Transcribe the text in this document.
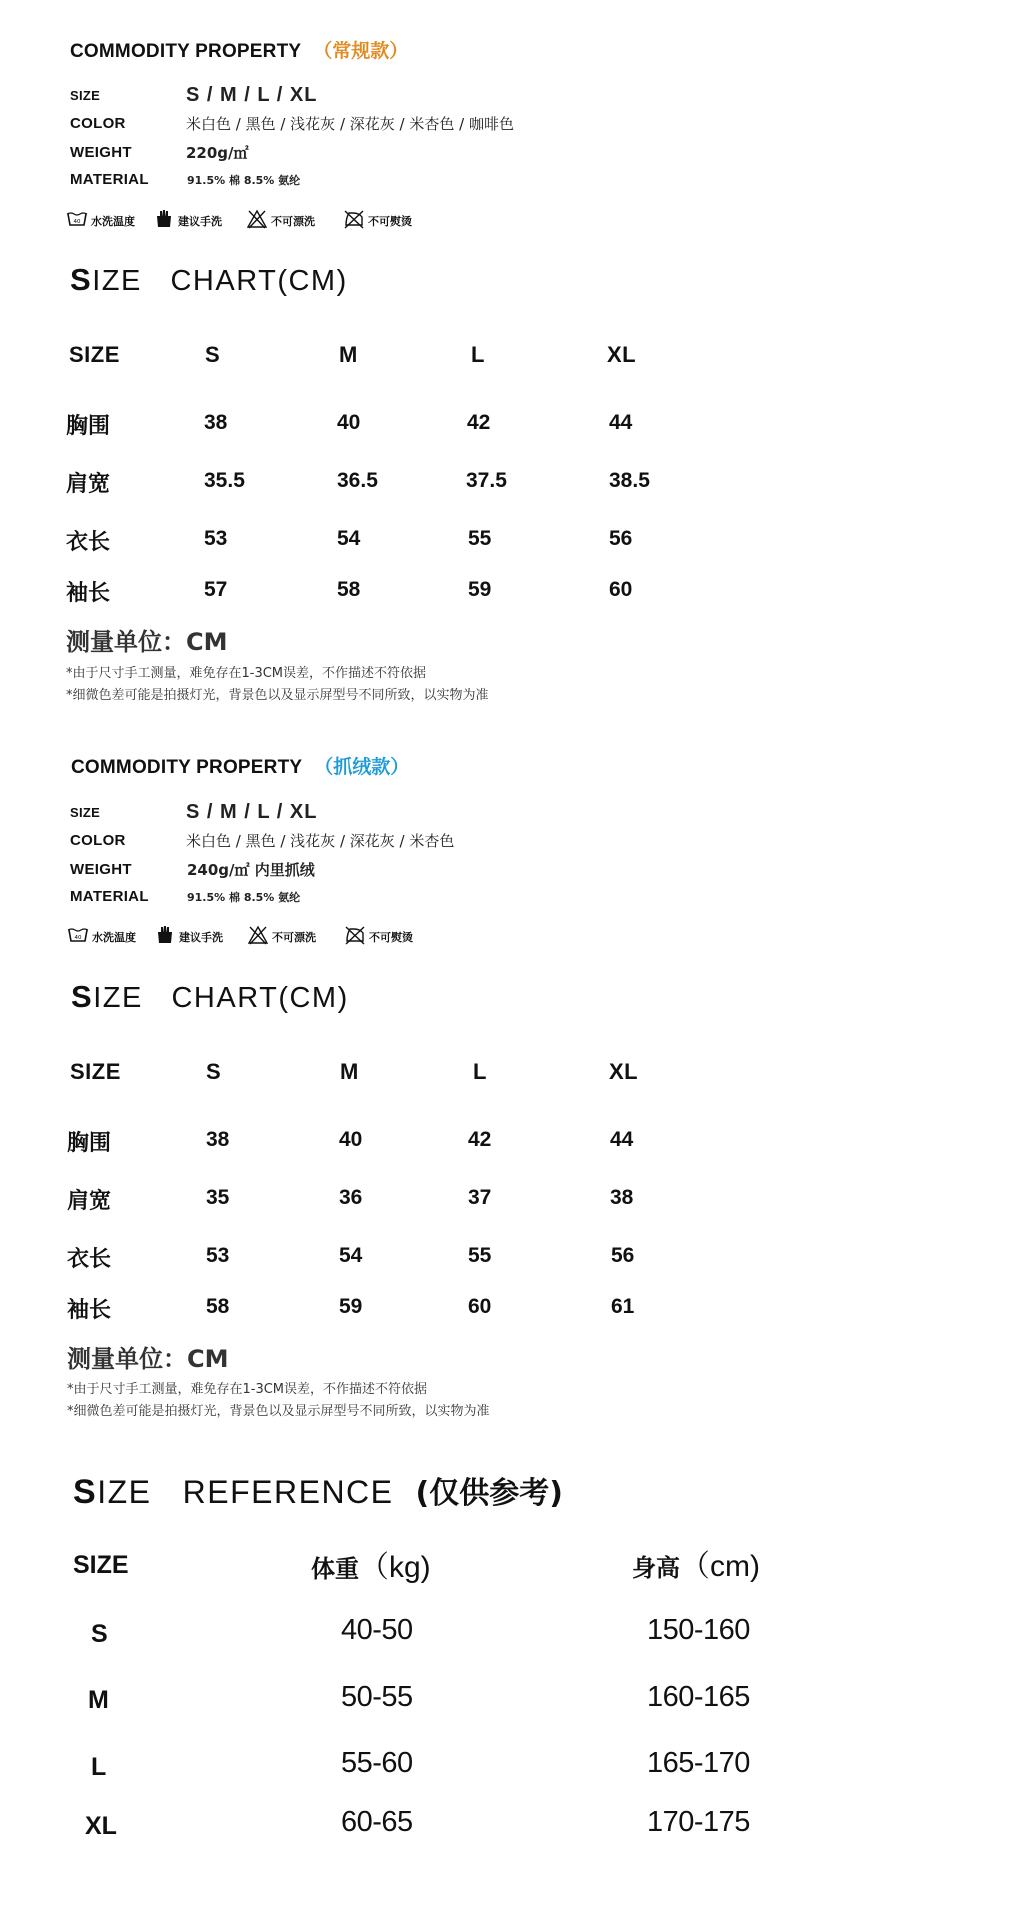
COMMODITY PROPERTY （常规款）
SIZE	S / M / L / XL
COLOR	米白色 / 黑色 / 浅花灰 / 深花灰 / 米杏色 / 咖啡色
WEIGHT	220g/㎡
MATERIAL	91.5% 棉 8.5% 氨纶
40 水洗温度	建议手洗	不可漂洗	不可熨烫
SIZE   CHART(CM)
SIZE	S	M	L	XL
胸围	38	40	42	44
肩宽	35.5	36.5	37.5	38.5
衣长	53	54	55	56
袖长	57	58	59	60
测量单位：CM
*由于尺寸手工测量，难免存在1-3CM误差，不作描述不符依据
*细微色差可能是拍摄灯光，背景色以及显示屏型号不同所致，以实物为准
COMMODITY PROPERTY （抓绒款）
SIZE	S / M / L / XL
COLOR	米白色 / 黑色 / 浅花灰 / 深花灰 / 米杏色
WEIGHT	240g/㎡ 内里抓绒
MATERIAL	91.5% 棉 8.5% 氨纶
40 水洗温度	建议手洗	不可漂洗	不可熨烫
SIZE   CHART(CM)
SIZE	S	M	L	XL
胸围	38	40	42	44
肩宽	35	36	37	38
衣长	53	54	55	56
袖长	58	59	60	61
测量单位：CM
*由于尺寸手工测量，难免存在1-3CM误差，不作描述不符依据
*细微色差可能是拍摄灯光，背景色以及显示屏型号不同所致，以实物为准
SIZE   REFERENCE (仅供参考)
SIZE	体重（kg)	身高（cm)
S	40-50	150-160
M	50-55	160-165
L	55-60	165-170
XL	60-65	170-175
